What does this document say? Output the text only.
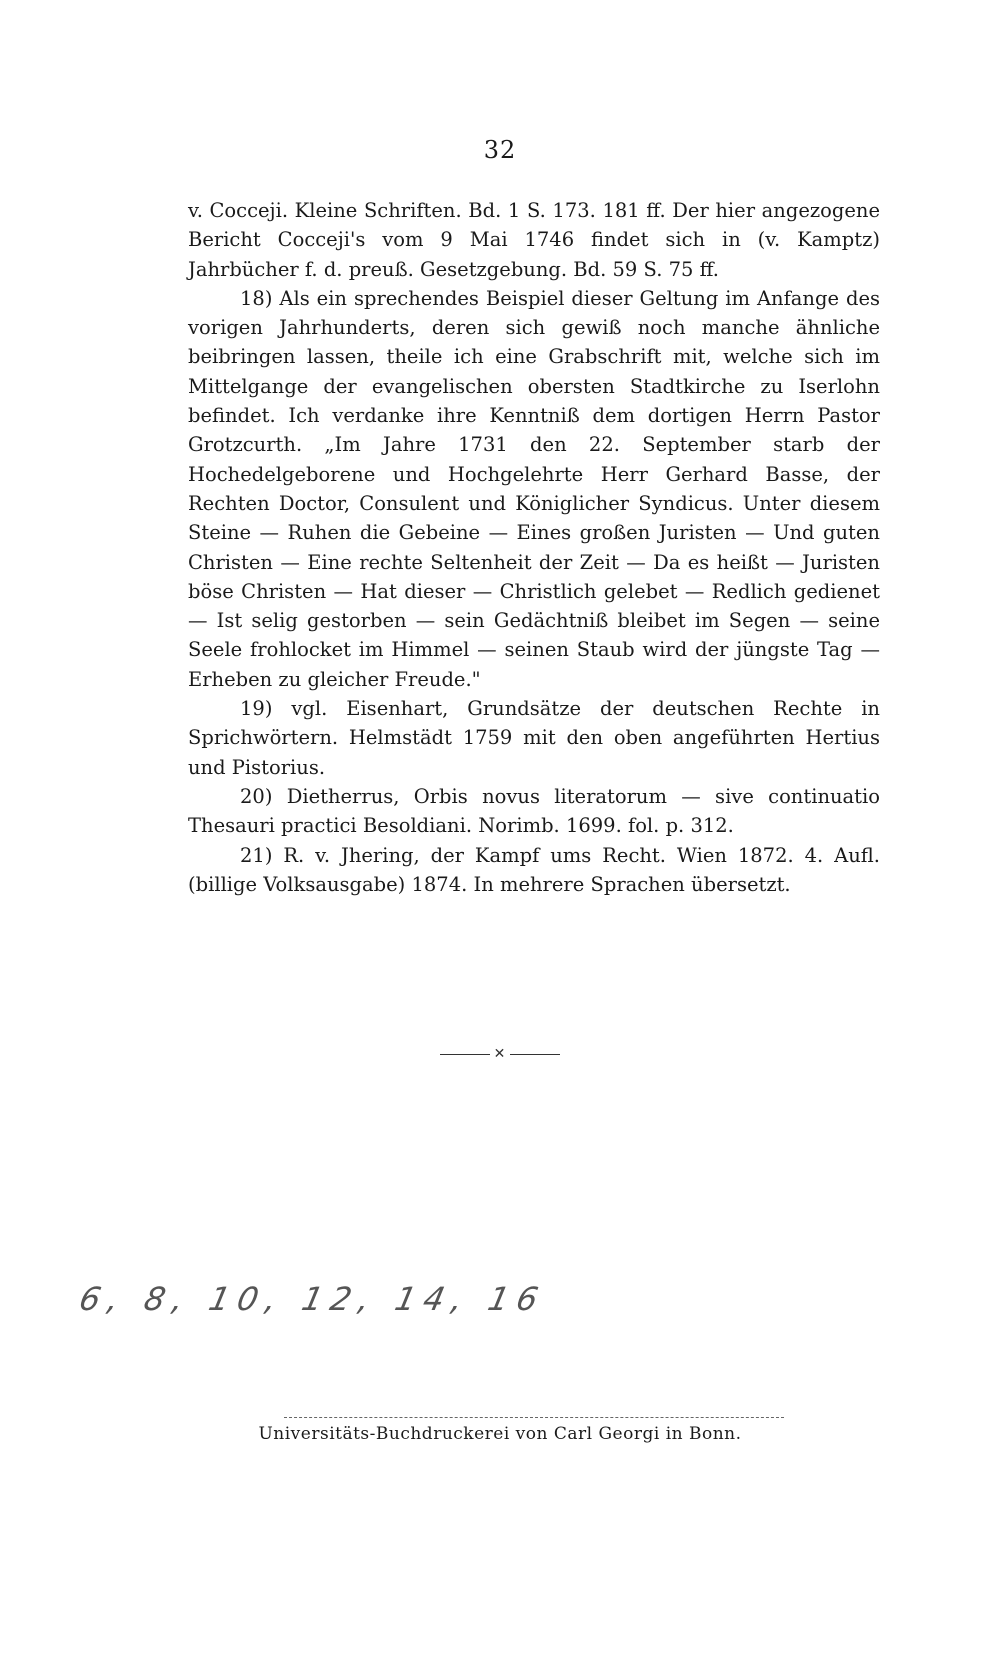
32

v. Cocceji. Kleine Schriften. Bd. 1 S. 173. 181 ff. Der hier angezogene Bericht Cocceji's vom 9 Mai 1746 findet sich in (v. Kamptz) Jahrbücher f. d. preuß. Gesetzgebung. Bd. 59 S. 75 ff.

18) Als ein sprechendes Beispiel dieser Geltung im Anfange des vorigen Jahrhunderts, deren sich gewiß noch manche ähnliche beibringen lassen, theile ich eine Grabschrift mit, welche sich im Mittelgange der evangelischen obersten Stadtkirche zu Iserlohn befindet. Ich verdanke ihre Kenntniß dem dortigen Herrn Pastor Grotzcurth. „Im Jahre 1731 den 22. September starb der Hochedelgeborene und Hochgelehrte Herr Gerhard Basse, der Rechten Doctor, Consulent und Königlicher Syndicus. Unter diesem Steine — Ruhen die Gebeine — Eines großen Juristen — Und guten Christen — Eine rechte Seltenheit der Zeit — Da es heißt — Juristen böse Christen — Hat dieser — Christlich gelebet — Redlich gedienet — Ist selig gestorben — sein Gedächtniß bleibet im Segen — seine Seele frohlocket im Himmel — seinen Staub wird der jüngste Tag — Erheben zu gleicher Freude."

19) vgl. Eisenhart, Grundsätze der deutschen Rechte in Sprichwörtern. Helmstädt 1759 mit den oben angeführten Hertius und Pistorius.

20) Dietherrus, Orbis novus literatorum — sive continuatio Thesauri practici Besoldiani. Norimb. 1699. fol. p. 312.

21) R. v. Jhering, der Kampf ums Recht. Wien 1872. 4. Aufl. (billige Volksausgabe) 1874. In mehrere Sprachen übersetzt.

✕
6, 8, 10, 12, 14, 16
Universitäts-Buchdruckerei von Carl Georgi in Bonn.
